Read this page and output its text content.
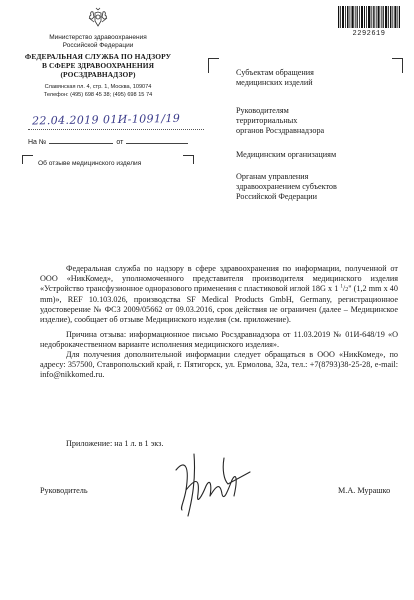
2292619
Министерство здравоохранения
Российской Федерации
ФЕДЕРАЛЬНАЯ СЛУЖБА ПО НАДЗОРУ
В СФЕРЕ ЗДРАВООХРАНЕНИЯ
(РОСЗДРАВНАДЗОР)
Славянская пл. 4, стр. 1, Москва, 109074
Телефон: (495) 698 45 38; (495) 698 15 74
22.04.2019 01И-1091/19
На №	от
Об отзыве медицинского изделия
Субъектам обращения
медицинских изделий
Руководителям
территориальных
органов Росздравнадзора
Медицинским организациям
Органам управления
здравоохранением субъектов
Российской Федерации

Федеральная служба по надзору в сфере здравоохранения по информации, полученной от ООО «НикКомед», уполномоченного представителя производителя медицинского изделия «Устройство трансфузионное одноразового применения с пластиковой иглой 18G x 1 $^1$/2" (1,2 mm x 40 mm)», REF 10.103.026, производства SF Medical Products GmbH, Germany, регистрационное удостоверение № ФСЗ 2009/05662 от 09.03.2016, срок действия не ограничен (далее – Медицинское изделие), сообщает об отзыве Медицинского изделия (см. приложение).

Причина отзыва: информационное письмо Росздравнадзора от 11.03.2019 № 01И-648/19 «О недоброкачественном варианте исполнения медицинского изделия».

Для получения дополнительной информации следует обращаться в ООО «НикКомед», по адресу: 357500, Ставропольский край, г. Пятигорск, ул. Ермолова, 32а, тел.: +7(8793)38-25-28, e-mail: info@nikkomed.ru.

Приложение: на 1 л. в 1 экз.
Руководитель	М.А. Мурашко
